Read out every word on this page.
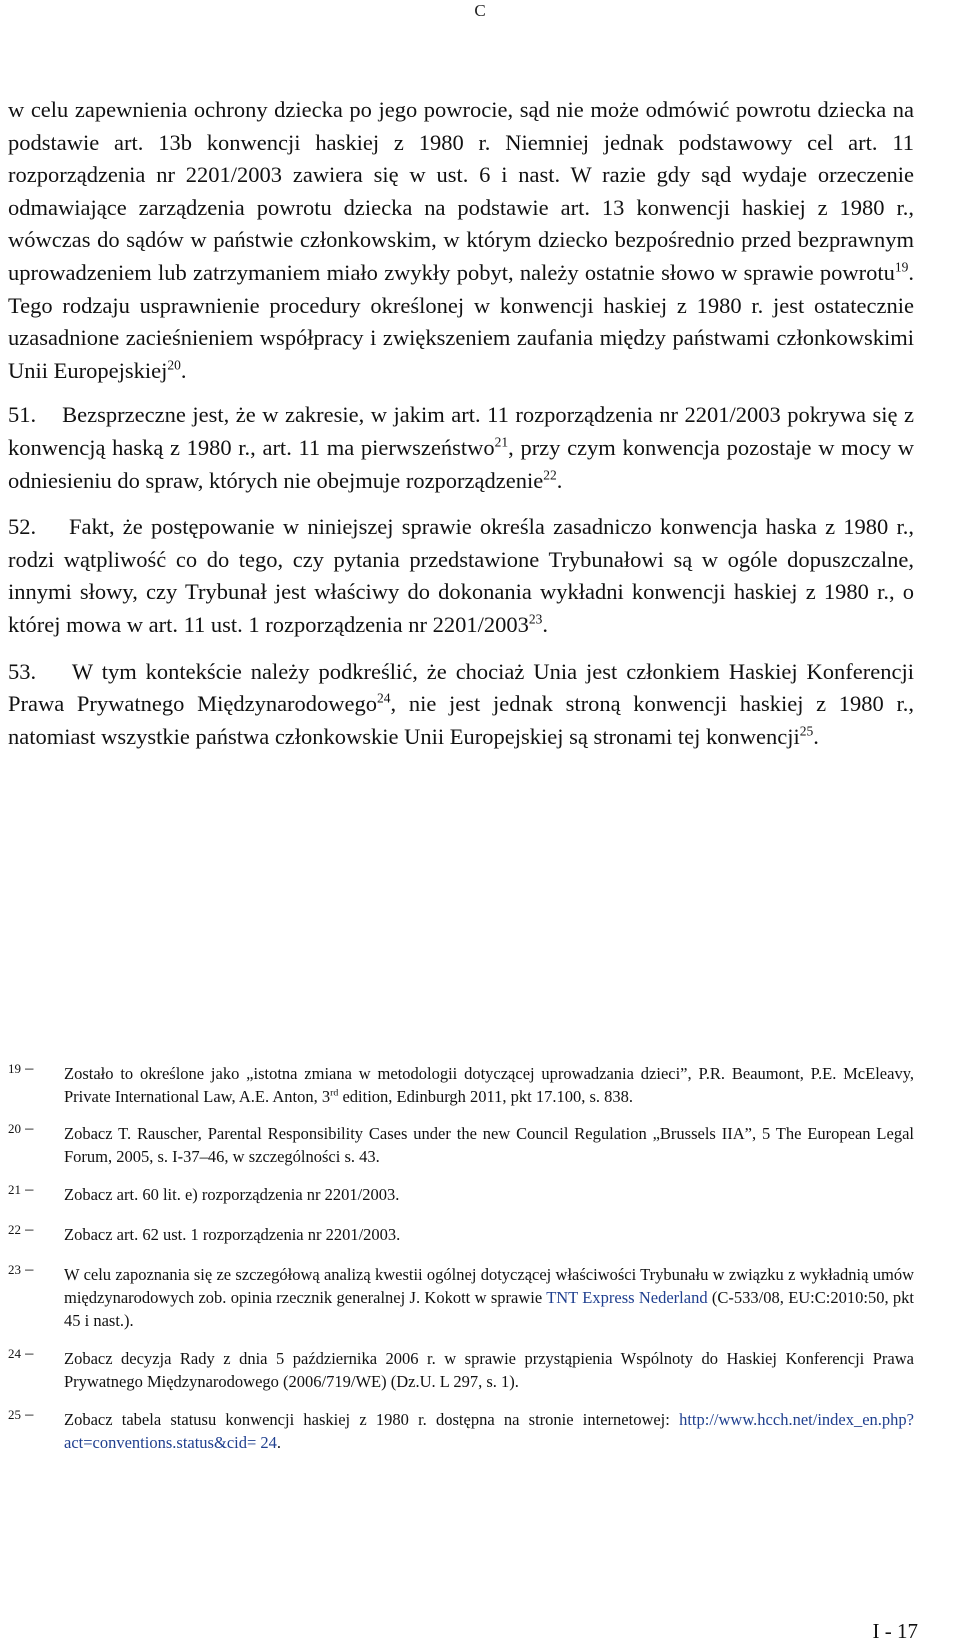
C

w celu zapewnienia ochrony dziecka po jego powrocie, sąd nie może odmówić powrotu dziecka na podstawie art. 13b konwencji haskiej z 1980 r. Niemniej jednak podstawowy cel art. 11 rozporządzenia nr 2201/2003 zawiera się w ust. 6 i nast. W razie gdy sąd wydaje orzeczenie odmawiające zarządzenia powrotu dziecka na podstawie art. 13 konwencji haskiej z 1980 r., wówczas do sądów w państwie członkowskim, w którym dziecko bezpośrednio przed bezprawnym uprowadzeniem lub zatrzymaniem miało zwykły pobyt, należy ostatnie słowo w sprawie powrotu$^{19}$. Tego rodzaju usprawnienie procedury określonej w konwencji haskiej z 1980 r. jest ostatecznie uzasadnione zacieśnieniem współpracy i zwiększeniem zaufania między państwami członkowskimi Unii Europejskiej$^{20}$.

51.    Bezsprzeczne jest, że w zakresie, w jakim art. 11 rozporządzenia nr 2201/2003 pokrywa się z konwencją haską z 1980 r., art. 11 ma pierwszeństwo$^{21}$, przy czym konwencja pozostaje w mocy w odniesieniu do spraw, których nie obejmuje rozporządzenie$^{22}$.

52.    Fakt, że postępowanie w niniejszej sprawie określa zasadniczo konwencja haska z 1980 r., rodzi wątpliwość co do tego, czy pytania przedstawione Trybunałowi są w ogóle dopuszczalne, innymi słowy, czy Trybunał jest właściwy do dokonania wykładni konwencji haskiej z 1980 r., o której mowa w art. 11 ust. 1 rozporządzenia nr 2201/2003$^{23}$.

53.    W tym kontekście należy podkreślić, że chociaż Unia jest członkiem Haskiej Konferencji Prawa Prywatnego Międzynarodowego$^{24}$, nie jest jednak stroną konwencji haskiej z 1980 r., natomiast wszystkie państwa członkowskie Unii Europejskiej są stronami tej konwencji$^{25}$.

19 –	Zostało to określone jako „istotna zmiana w metodologii dotyczącej uprowadzania dzieci”, P.R. Beaumont, P.E. McEleavy, Private International Law, A.E. Anton, 3rd edition, Edinburgh 2011, pkt 17.100, s. 838.
20 –	Zobacz T. Rauscher, Parental Responsibility Cases under the new Council Regulation „Brussels IIA”, 5 The European Legal Forum, 2005, s. I-37–46, w szczególności s. 43.
21 –	Zobacz art. 60 lit. e) rozporządzenia nr 2201/2003.
22 –	Zobacz art. 62 ust. 1 rozporządzenia nr 2201/2003.
23 –	W celu zapoznania się ze szczegółową analizą kwestii ogólnej dotyczącej właściwości Trybunału w związku z wykładnią umów międzynarodowych zob. opinia rzecznik generalnej J. Kokott w sprawie TNT Express Nederland (C-533/08, EU:C:2010:50, pkt 45 i nast.).
24 –	Zobacz decyzja Rady z dnia 5 października 2006 r. w sprawie przystąpienia Wspólnoty do Haskiej Konferencji Prawa Prywatnego Międzynarodowego (2006/719/WE) (Dz.U. L 297, s. 1).
25 –	Zobacz tabela statusu konwencji haskiej z 1980 r. dostępna na stronie internetowej: http://www.hcch.net/index_en.php?act=conventions.status&cid= 24.
I - 17
